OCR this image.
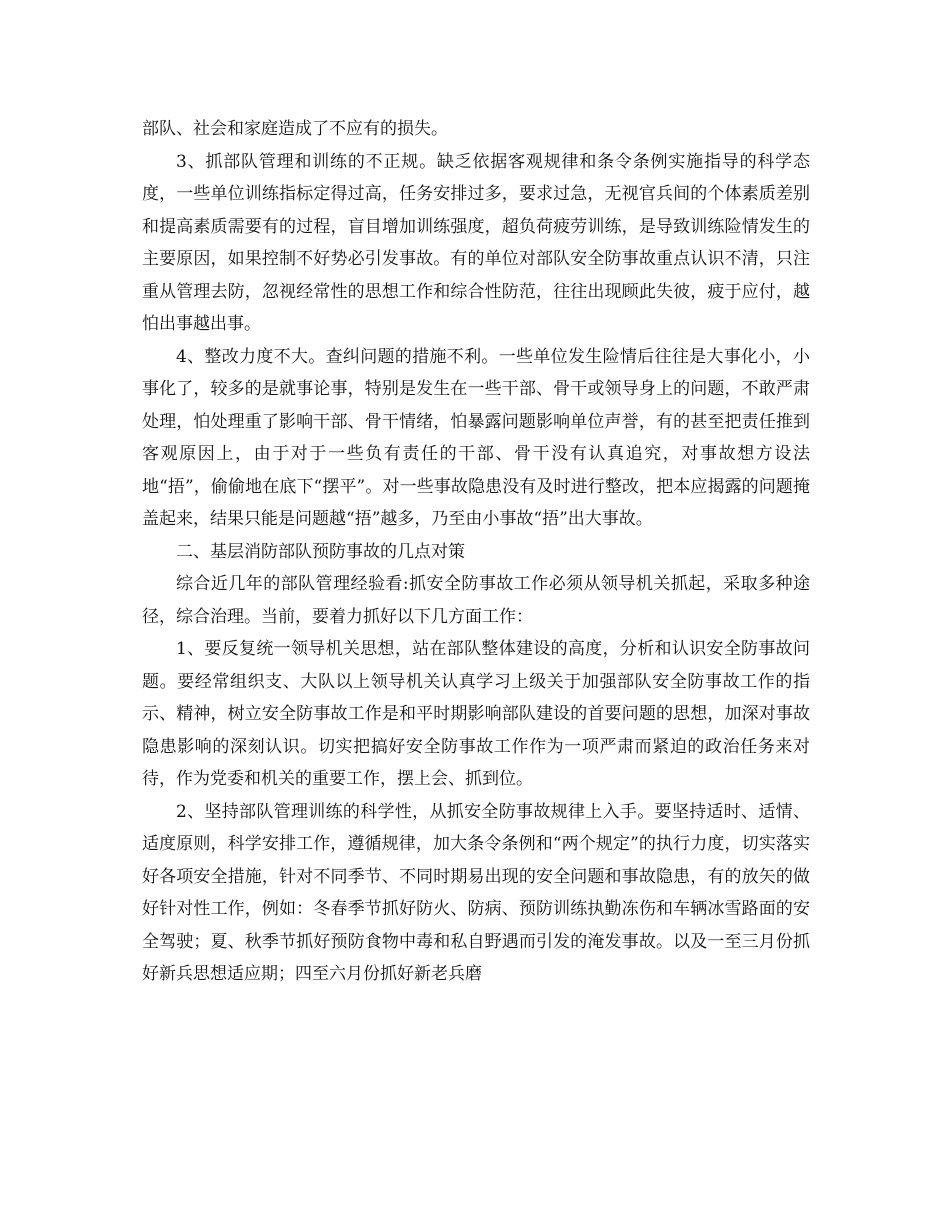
部队、社会和家庭造成了不应有的损失。

3、抓部队管理和训练的不正规。缺乏依据客观规律和条令条例实施指导的科学态度，一些单位训练指标定得过高，任务安排过多，要求过急，无视官兵间的个体素质差别和提高素质需要有的过程，盲目增加训练强度，超负荷疲劳训练，是导致训练险情发生的主要原因，如果控制不好势必引发事故。有的单位对部队安全防事故重点认识不清，只注重从管理去防，忽视经常性的思想工作和综合性防范，往往出现顾此失彼，疲于应付，越怕出事越出事。

4、整改力度不大。查纠问题的措施不利。一些单位发生险情后往往是大事化小，小事化了，较多的是就事论事，特别是发生在一些干部、骨干或领导身上的问题，不敢严肃处理，怕处理重了影响干部、骨干情绪，怕暴露问题影响单位声誉，有的甚至把责任推到客观原因上，由于对于一些负有责任的干部、骨干没有认真追究，对事故想方设法地“捂”，偷偷地在底下“摆平”。对一些事故隐患没有及时进行整改，把本应揭露的问题掩盖起来，结果只能是问题越“捂”越多，乃至由小事故“捂”出大事故。

二、基层消防部队预防事故的几点对策

综合近几年的部队管理经验看:抓安全防事故工作必须从领导机关抓起，采取多种途径，综合治理。当前，要着力抓好以下几方面工作：

1、要反复统一领导机关思想，站在部队整体建设的高度，分析和认识安全防事故问题。要经常组织支、大队以上领导机关认真学习上级关于加强部队安全防事故工作的指示、精神，树立安全防事故工作是和平时期影响部队建设的首要问题的思想，加深对事故隐患影响的深刻认识。切实把搞好安全防事故工作作为一项严肃而紧迫的政治任务来对待，作为党委和机关的重要工作，摆上会、抓到位。

2、坚持部队管理训练的科学性，从抓安全防事故规律上入手。要坚持适时、适情、适度原则，科学安排工作，遵循规律，加大条令条例和“两个规定”的执行力度，切实落实好各项安全措施，针对不同季节、不同时期易出现的安全问题和事故隐患，有的放矢的做好针对性工作，例如：冬春季节抓好防火、防病、预防训练执勤冻伤和车辆冰雪路面的安全驾驶；夏、秋季节抓好预防食物中毒和私自野遇而引发的淹发事故。以及一至三月份抓好新兵思想适应期；四至六月份抓好新老兵磨
